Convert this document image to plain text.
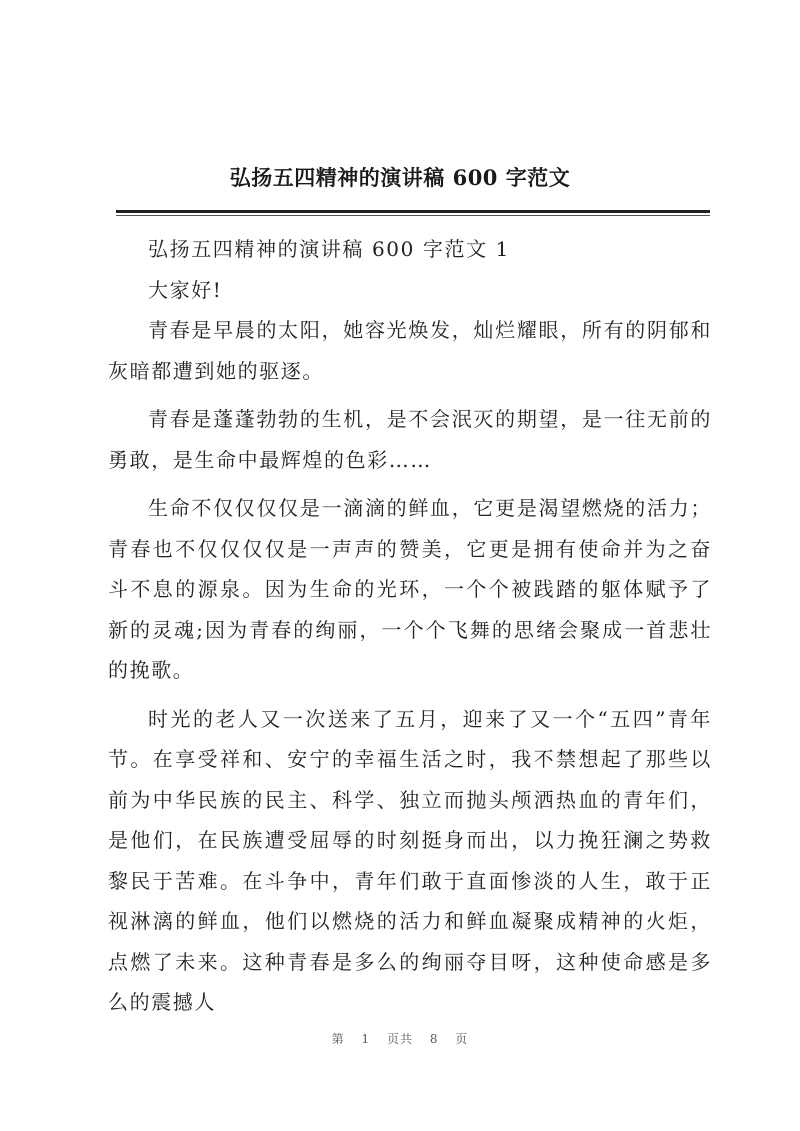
弘扬五四精神的演讲稿 600 字范文

弘扬五四精神的演讲稿 600 字范文 1

大家好!

青春是早晨的太阳，她容光焕发，灿烂耀眼，所有的阴郁和灰暗都遭到她的驱逐。

青春是蓬蓬勃勃的生机，是不会泯灭的期望，是一往无前的勇敢，是生命中最辉煌的色彩……

生命不仅仅仅仅是一滴滴的鲜血，它更是渴望燃烧的活力；青春也不仅仅仅仅是一声声的赞美，它更是拥有使命并为之奋斗不息的源泉。因为生命的光环，一个个被践踏的躯体赋予了新的灵魂;因为青春的绚丽，一个个飞舞的思绪会聚成一首悲壮的挽歌。

时光的老人又一次送来了五月，迎来了又一个“五四”青年节。在享受祥和、安宁的幸福生活之时，我不禁想起了那些以前为中华民族的民主、科学、独立而抛头颅洒热血的青年们，是他们，在民族遭受屈辱的时刻挺身而出，以力挽狂澜之势救黎民于苦难。在斗争中，青年们敢于直面惨淡的人生，敢于正视淋漓的鲜血，他们以燃烧的活力和鲜血凝聚成精神的火炬，点燃了未来。这种青春是多么的绚丽夺目呀，这种使命感是多么的震撼人

第 1 页共 8 页
